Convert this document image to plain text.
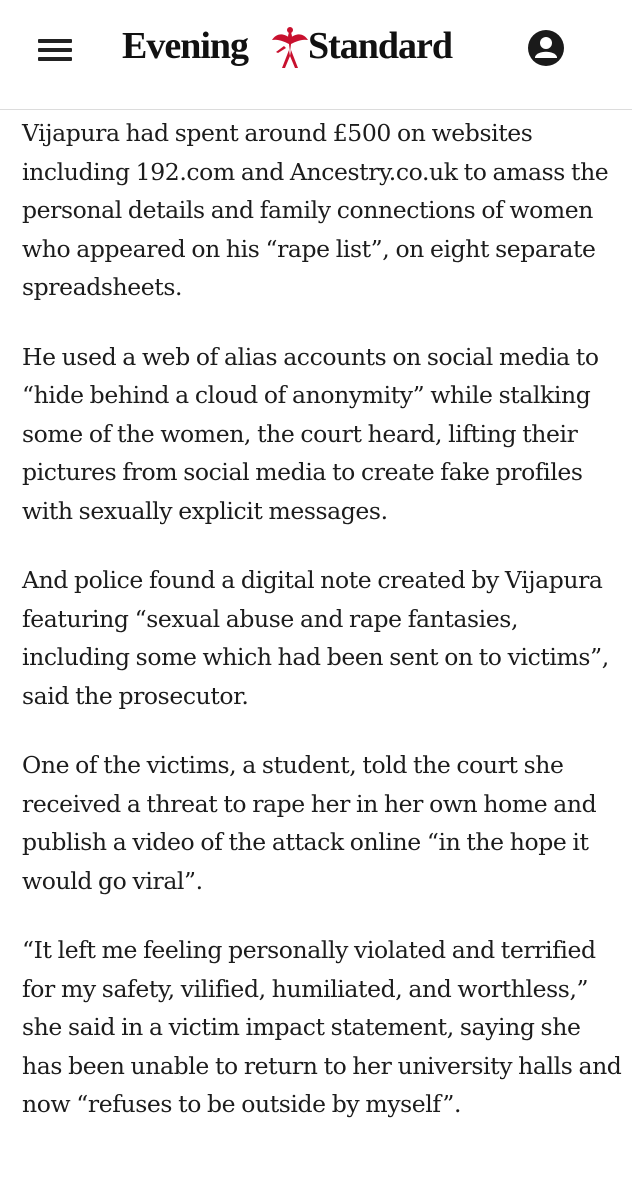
Evening Standard

Vijapura had spent around £500 on websites including 192.com and Ancestry.co.uk to amass the personal details and family connections of women who appeared on his “rape list”, on eight separate spreadsheets.

He used a web of alias accounts on social media to “hide behind a cloud of anonymity” while stalking some of the women, the court heard, lifting their pictures from social media to create fake profiles with sexually explicit messages.

And police found a digital note created by Vijapura featuring “sexual abuse and rape fantasies, including some which had been sent on to victims”, said the prosecutor.

One of the victims, a student, told the court she received a threat to rape her in her own home and publish a video of the attack online “in the hope it would go viral”.

“It left me feeling personally violated and terrified for my safety, vilified, humiliated, and worthless,” she said in a victim impact statement, saying she has been unable to return to her university halls and now “refuses to be outside by myself”.
